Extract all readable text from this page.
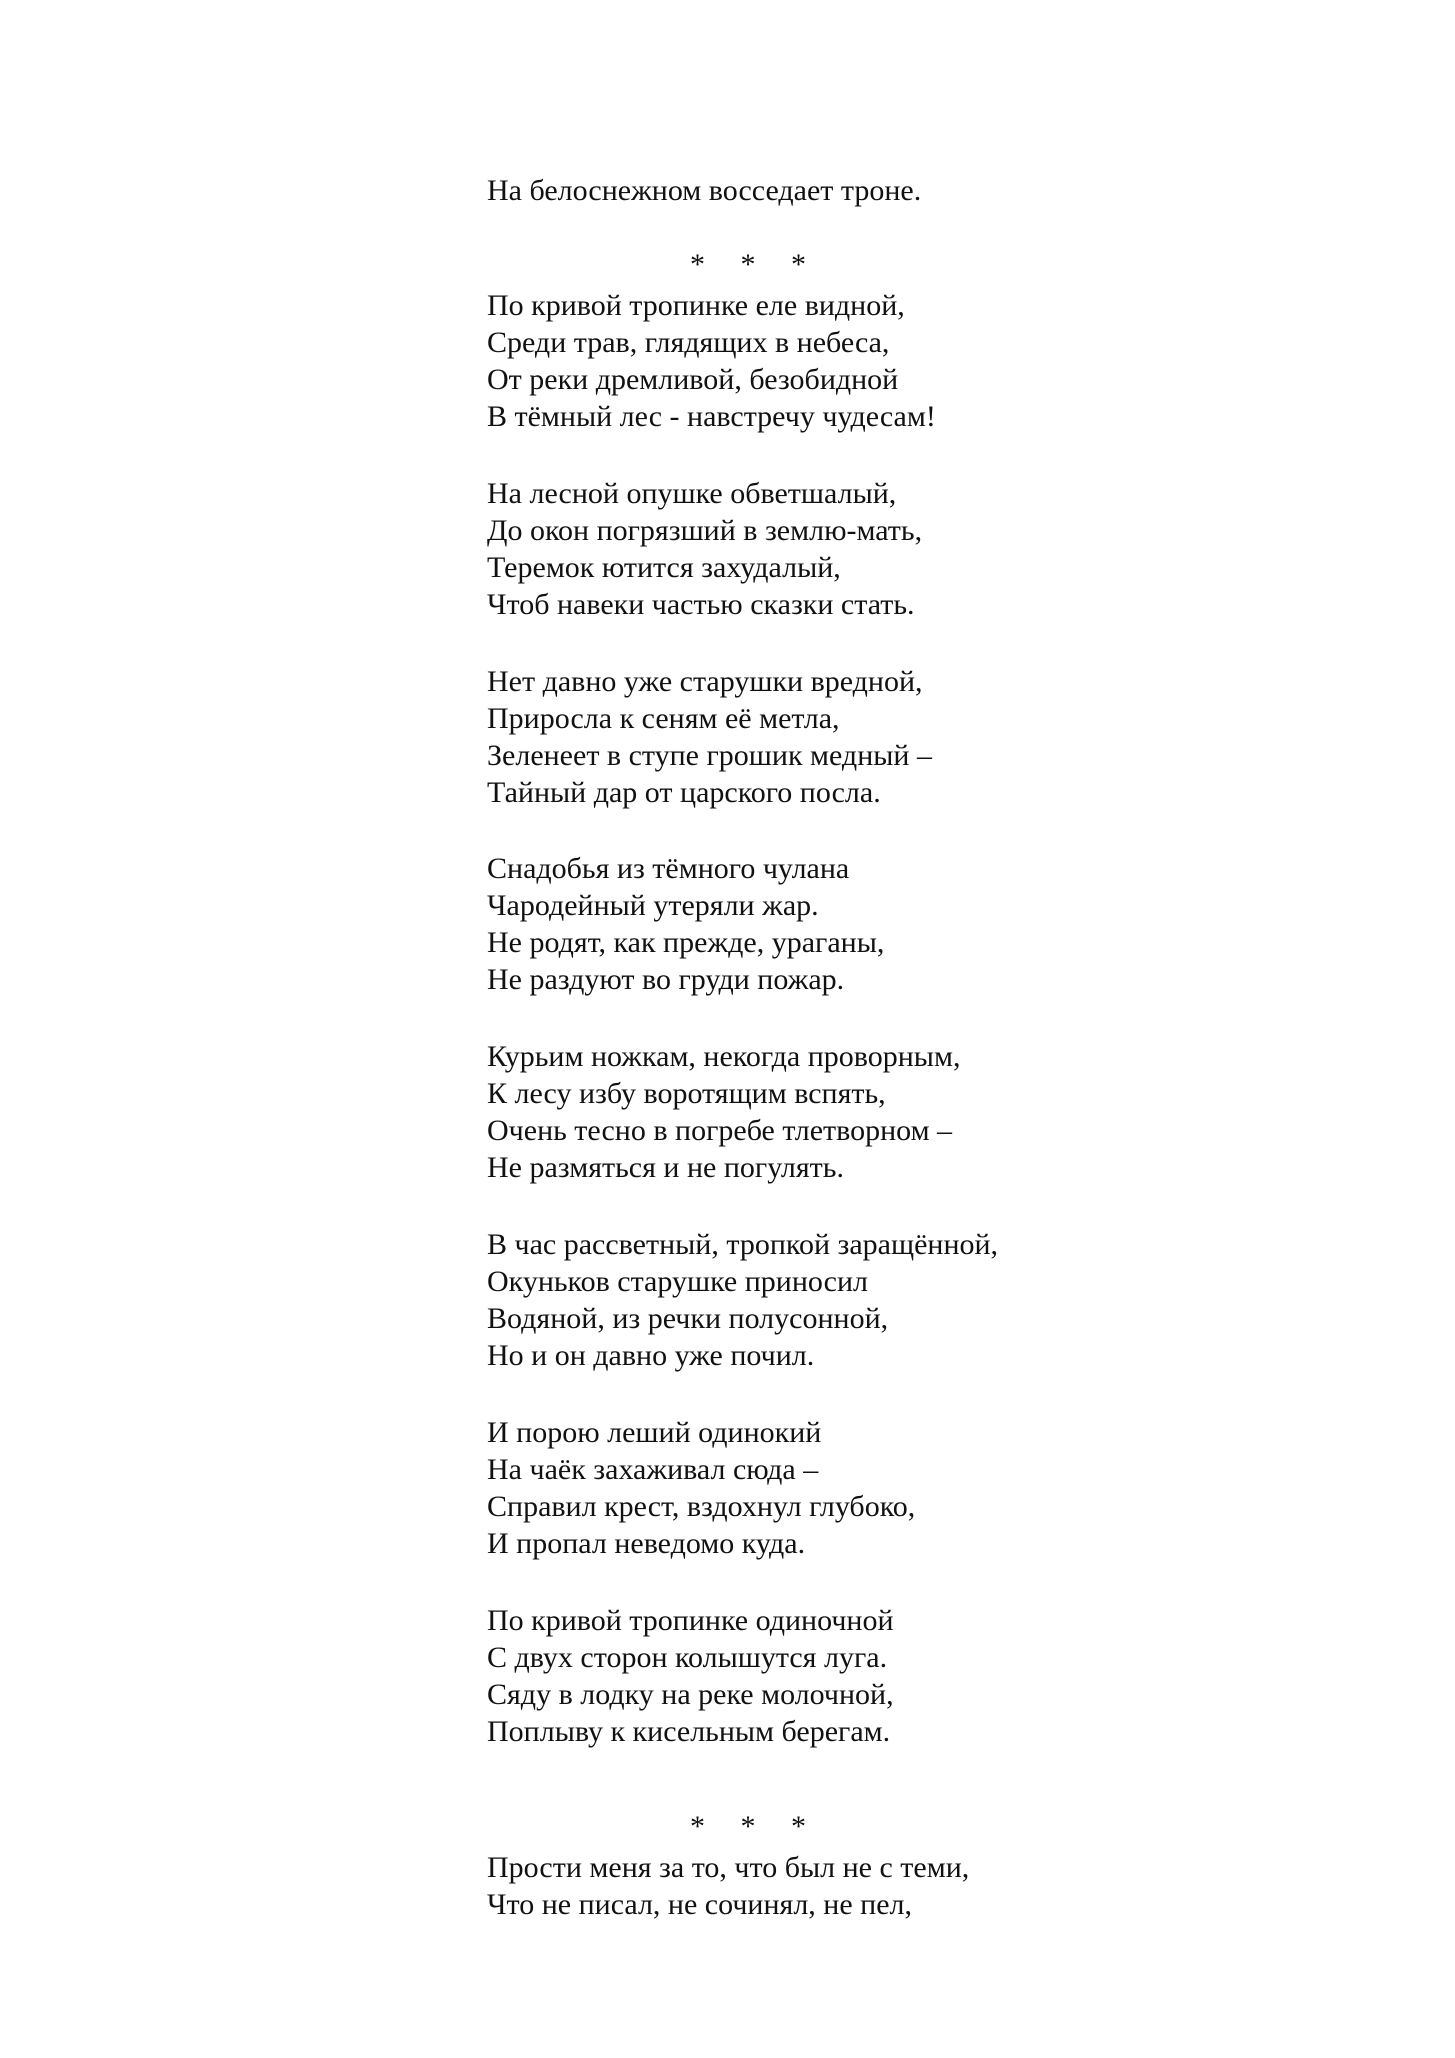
На белоснежном восседает троне.
* * *
По кривой тропинке еле видной,
Среди трав, глядящих в небеса,
От реки дремливой, безобидной
В тёмный лес - навстречу чудесам!
На лесной опушке обветшалый,
До окон погрязший в землю-мать,
Теремок ютится захудалый,
Чтоб навеки частью сказки стать.
Нет давно уже старушки вредной,
Приросла к сеням её метла,
Зеленеет в ступе грошик медный –
Тайный дар от царского посла.
Снадобья из тёмного чулана
Чародейный утеряли жар.
Не родят, как прежде, ураганы,
Не раздуют во груди пожар.
Курьим ножкам, некогда проворным,
К лесу избу воротящим вспять,
Очень тесно в погребе тлетворном –
Не размяться и не погулять.
В час рассветный, тропкой заращённой,
Окуньков старушке приносил
Водяной, из речки полусонной,
Но и он давно уже почил.
И порою леший одинокий
На чаёк захаживал сюда –
Справил крест, вздохнул глубоко,
И пропал неведомо куда.
По кривой тропинке одиночной
С двух сторон колышутся луга.
Сяду в лодку на реке молочной,
Поплыву к кисельным берегам.
* * *
Прости меня за то, что был не с теми,
Что не писал, не сочинял, не пел,
